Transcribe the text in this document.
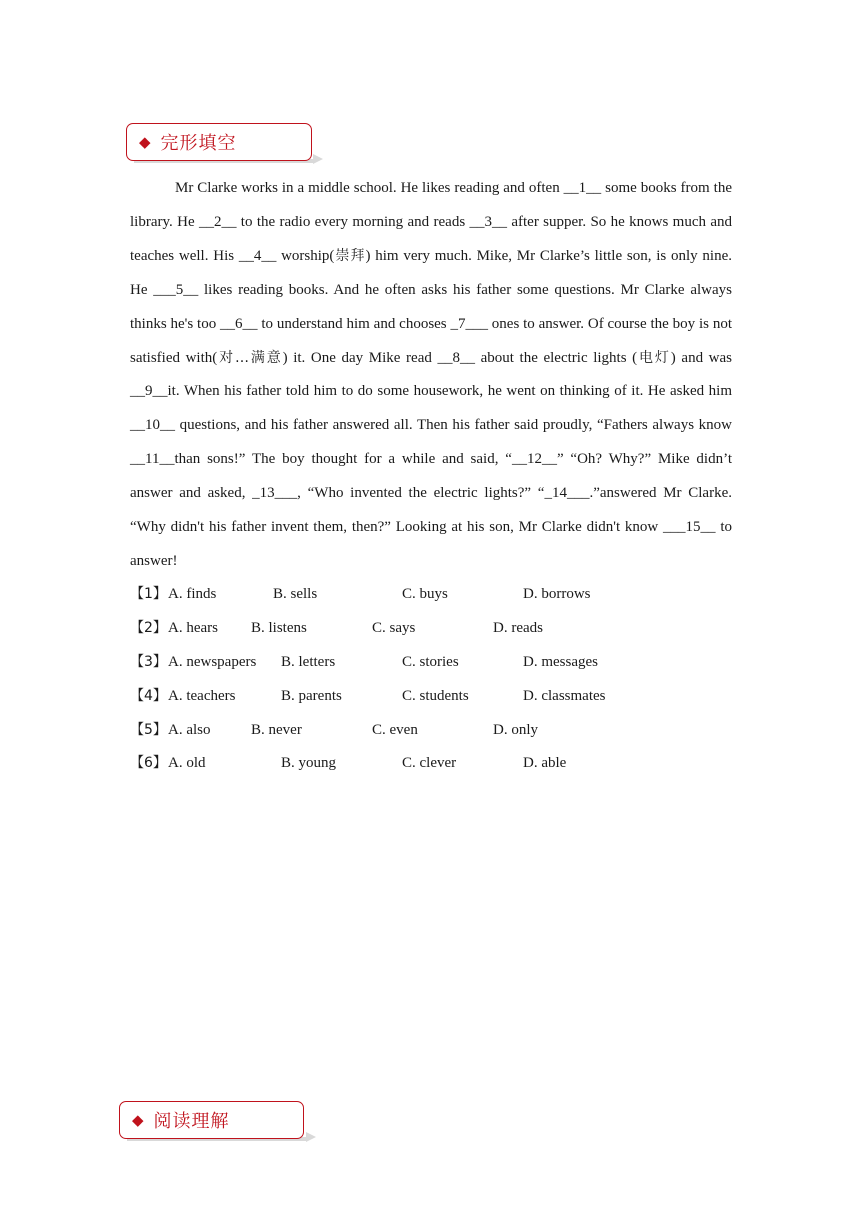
◆ 完形填空

Mr Clarke works in a middle school. He likes reading and often __1__ some books from the library. He __2__ to the radio every morning and reads __3__ after supper. So he knows much and teaches well. His __4__ worship(崇拜) him very much. Mike, Mr Clarke’s little son, is only nine. He ___5__ likes reading books. And he often asks his father some questions. Mr Clarke always thinks he's too __6__ to understand him and chooses _7___ ones to answer. Of course the boy is not satisfied with(对…满意) it. One day Mike read __8__ about the electric lights (电灯) and was __9__it. When his father told him to do some housework, he went on thinking of it. He asked him __10__ questions, and his father answered all. Then his father said proudly, “Fathers always know __11__than sons!” The boy thought for a while and said, “__12__” “Oh? Why?” Mike didn’t answer and asked, _13___, “Who invented the electric lights?” “_14___.”answered Mr Clarke. “Why didn't his father invent them, then?” Looking at his son, Mr Clarke didn't know ___15__ to answer!

【1】 A. finds	B. sells	C. buys	D. borrows
【2】 A. hears B. listens	C. says	D. reads
【3】 A. newspapers B. letters	C. stories	D. messages
【4】 A. teachers	B. parents	C. students	D. classmates
【5】 A. also	B. never	C. even	D. only
【6】 A. old	B. young	C. clever	D. able
◆ 阅读理解
